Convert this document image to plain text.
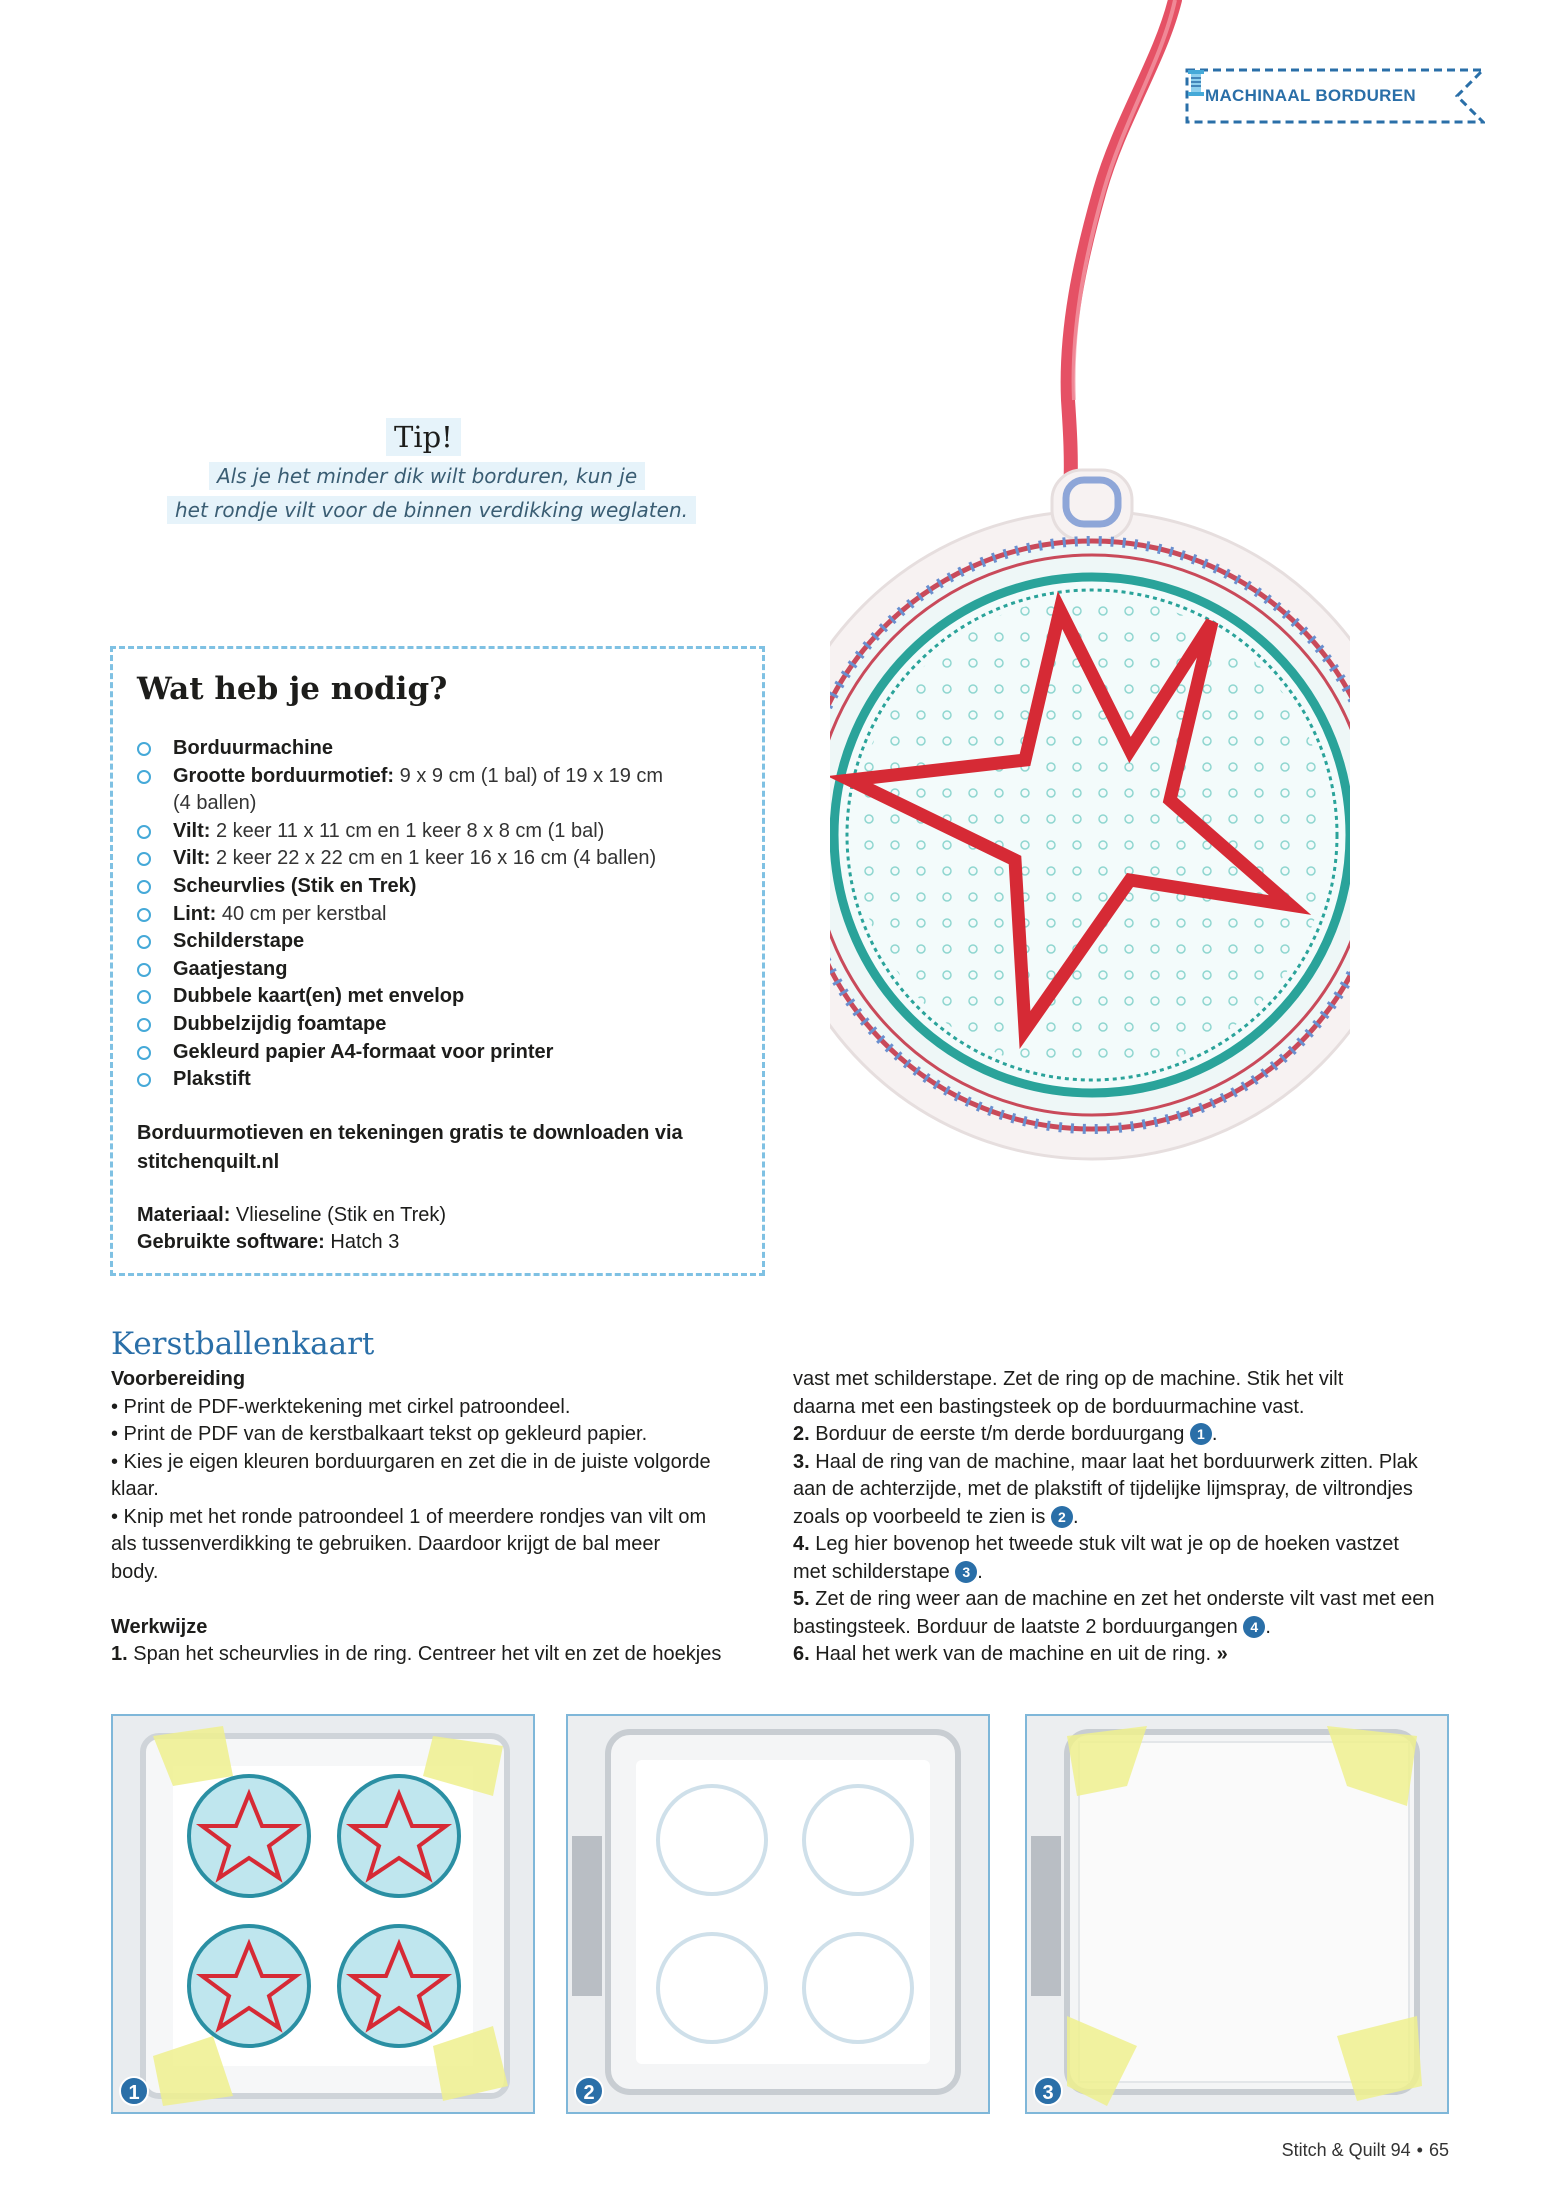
MACHINAAL BORDUREN
Tip!
Als je het minder dik wilt borduren, kun je
het rondje vilt voor de binnen verdikking weglaten.
Wat heb je nodig?
Borduurmachine
Grootte borduurmotief: 9 x 9 cm (1 bal) of 19 x 19 cm
(4 ballen)
Vilt: 2 keer 11 x 11 cm en 1 keer 8 x 8 cm (1 bal)
Vilt: 2 keer 22 x 22 cm en 1 keer 16 x 16 cm (4 ballen)
Scheurvlies (Stik en Trek)
Lint: 40 cm per kerstbal
Schilderstape
Gaatjestang
Dubbele kaart(en) met envelop
Dubbelzijdig foamtape
Gekleurd papier A4-formaat voor printer
Plakstift
Borduurmotieven en tekeningen gratis te downloaden via stitchenquilt.nl
Materiaal: Vlieseline (Stik en Trek)
Gebruikte software: Hatch 3
Kerstballenkaart

Voorbereiding

• Print de PDF-werktekening met cirkel patroondeel.

• Print de PDF van de kerstbalkaart tekst op gekleurd papier.

• Kies je eigen kleuren borduurgaren en zet die in de juiste volgorde klaar.

• Knip met het ronde patroondeel 1 of meerdere rondjes van vilt om als tussenverdikking te gebruiken. Daardoor krijgt de bal meer body.

Werkwijze

1. Span het scheurvlies in de ring. Centreer het vilt en zet de hoekjes

vast met schilderstape. Zet de ring op de machine. Stik het vilt daarna met een bastingsteek op de borduurmachine vast.

2. Borduur de eerste t/m derde borduurgang 1 .

3. Haal de ring van de machine, maar laat het borduurwerk zitten. Plak aan de achterzijde, met de plakstift of tijdelijke lijmspray, de viltrondjes zoals op voorbeeld te zien is 2 .

4. Leg hier bovenop het tweede stuk vilt wat je op de hoeken vastzet met schilderstape 3 .

5. Zet de ring weer aan de machine en zet het onderste vilt vast met een bastingsteek. Borduur de laatste 2 borduurgangen 4 .

6. Haal het werk van de machine en uit de ring. »

1	2	3
Stitch & Quilt 94 • 65
